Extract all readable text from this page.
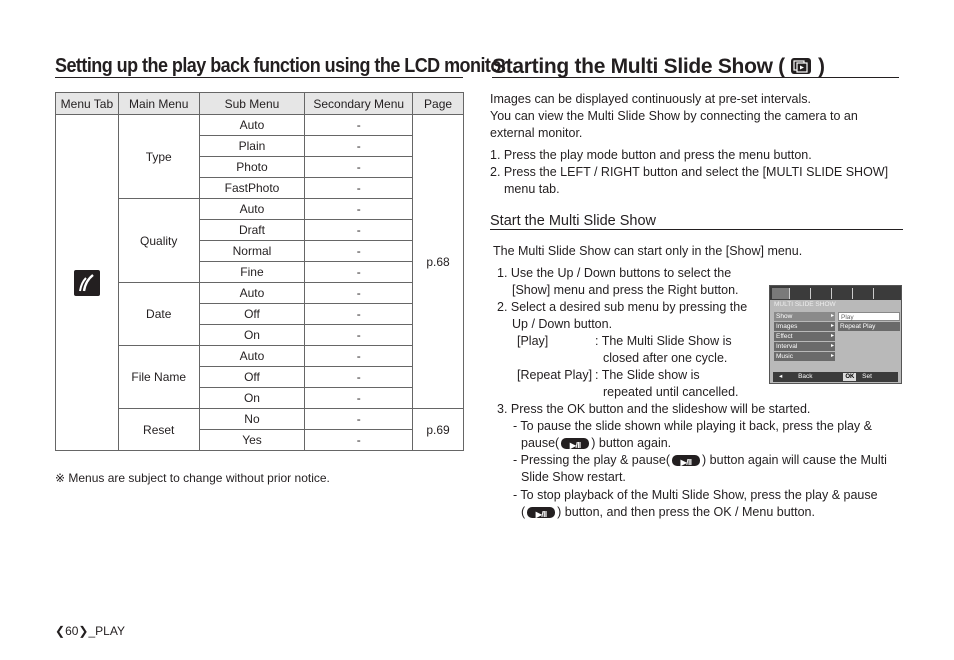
Setting up the play back function using the LCD monitor
Menu Tab	Main Menu	Sub Menu	Secondary Menu	Page

	Type	Auto	-	p.68
		Plain	-	
		Photo	-	
		FastPhoto	-	
	Quality	Auto	-	
		Draft	-	
		Normal	-	
		Fine	-	
	Date	Auto	-	
		Off	-	
		On	-	
	File Name	Auto	-	
		Off	-	
		On	-	
	Reset	No	-	p.69
		Yes	-	
※ Menus are subject to change without prior notice.
Starting the Multi Slide Show ( )
Images can be displayed continuously at pre-set intervals.
You can view the Multi Slide Show by connecting the camera to an
external monitor.
1. Press the play mode button and press the menu button.
2. Press the LEFT / RIGHT button and select the [MULTI SLIDE SHOW]
menu tab.
Start the Multi Slide Show
The Multi Slide Show can start only in the [Show] menu.
1. Use the Up / Down buttons to select the
[Show] menu and press the Right button.
2. Select a desired sub menu by pressing the
Up / Down button.
[Play]	: The Multi Slide Show is
closed after one cycle.
[Repeat Play] : The Slide show is
repeated until cancelled.
3. Press the OK button and the slideshow will be started.
- To pause the slide shown while playing it back, press the play &
pause( ▶/II	) button again.
- Pressing the play & pause( ▶/II	) button again will cause the Multi
Slide Show restart.
- To stop playback of the Multi Slide Show, press the play & pause
( ▶/II	) button, and then press the OK / Menu button.
MULTI SLIDE SHOW
Show ▸
Images ▸
Effect ▸
Interval ▸
Music ▸
Play
Repeat Play
◂ Back	OK Set
❮60❯_PLAY
